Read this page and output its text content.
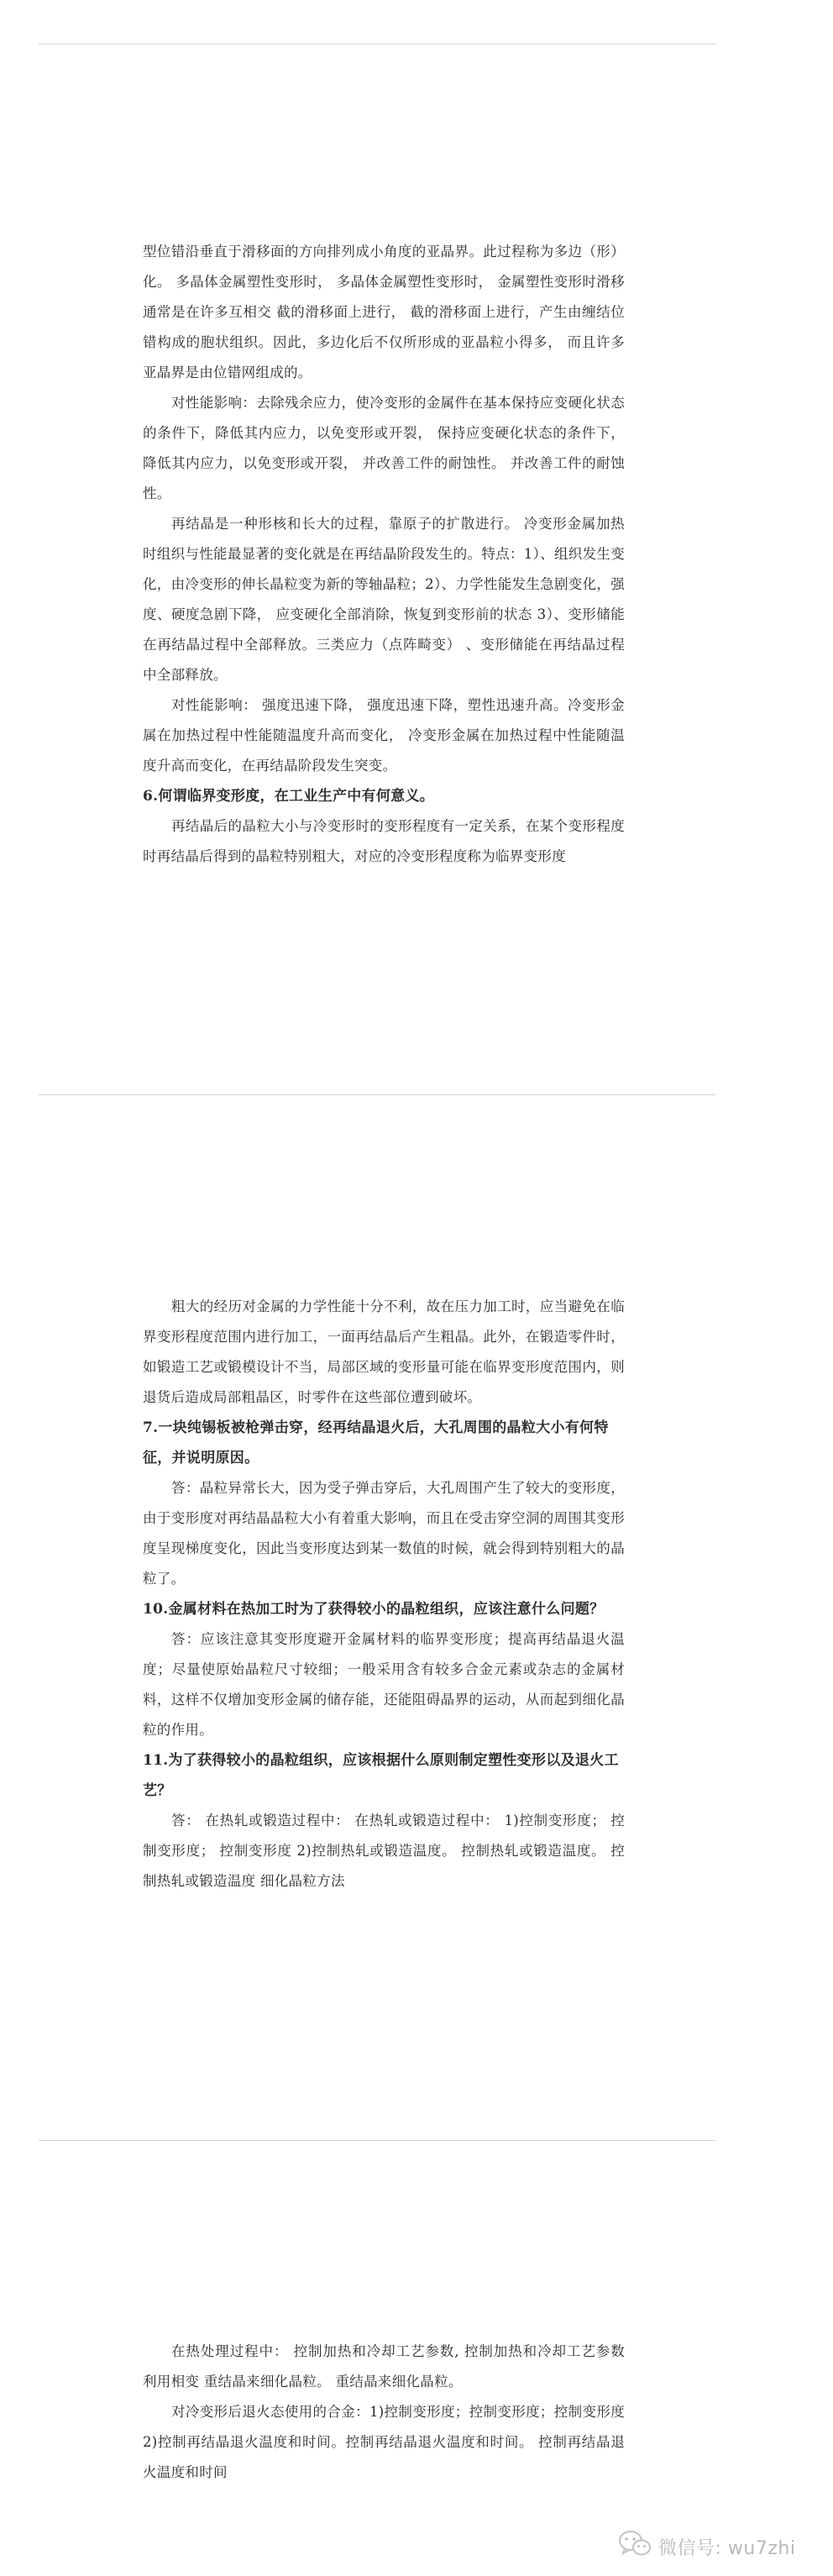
型位错沿垂直于滑移面的方向排列成小角度的亚晶界。此过程称为多边（形）化。 多晶体金属塑性变形时， 多晶体金属塑性变形时， 金属塑性变形时滑移通常是在许多互相交 截的滑移面上进行， 截的滑移面上进行，产生由缠结位错构成的胞状组织。因此，多边化后不仅所形成的亚晶粒小得多， 而且许多亚晶界是由位错网组成的。

对性能影响：去除残余应力，使冷变形的金属件在基本保持应变硬化状态的条件下，降低其内应力，以免变形或开裂， 保持应变硬化状态的条件下，降低其内应力，以免变形或开裂， 并改善工件的耐蚀性。 并改善工件的耐蚀性。

再结晶是一种形核和长大的过程，靠原子的扩散进行。 冷变形金属加热时组织与性能最显著的变化就是在再结晶阶段发生的。特点：1）、组织发生变化，由冷变形的伸长晶粒变为新的等轴晶粒；2）、力学性能发生急剧变化，强度、硬度急剧下降， 应变硬化全部消除，恢复到变形前的状态 3）、变形储能在再结晶过程中全部释放。三类应力（点阵畸变） 、变形储能在再结晶过程中全部释放。

对性能影响： 强度迅速下降， 强度迅速下降，塑性迅速升高。冷变形金属在加热过程中性能随温度升高而变化， 冷变形金属在加热过程中性能随温度升高而变化，在再结晶阶段发生突变。

6.何谓临界变形度，在工业生产中有何意义。

再结晶后的晶粒大小与冷变形时的变形程度有一定关系，在某个变形程度时再结晶后得到的晶粒特别粗大，对应的冷变形程度称为临界变形度

粗大的经历对金属的力学性能十分不利，故在压力加工时，应当避免在临界变形程度范围内进行加工，一面再结晶后产生粗晶。此外，在锻造零件时，如锻造工艺或锻模设计不当，局部区域的变形量可能在临界变形度范围内，则退货后造成局部粗晶区，时零件在这些部位遭到破坏。

7.一块纯锡板被枪弹击穿，经再结晶退火后，大孔周围的晶粒大小有何特征，并说明原因。

答：晶粒异常长大，因为受子弹击穿后，大孔周围产生了较大的变形度，由于变形度对再结晶晶粒大小有着重大影响，而且在受击穿空洞的周围其变形度呈现梯度变化，因此当变形度达到某一数值的时候，就会得到特别粗大的晶粒了。

10.金属材料在热加工时为了获得较小的晶粒组织，应该注意什么问题？

答：应该注意其变形度避开金属材料的临界变形度；提高再结晶退火温度；尽量使原始晶粒尺寸较细；一般采用含有较多合金元素或杂志的金属材料，这样不仅增加变形金属的储存能，还能阻碍晶界的运动，从而起到细化晶粒的作用。

11.为了获得较小的晶粒组织，应该根据什么原则制定塑性变形以及退火工艺？

答： 在热轧或锻造过程中： 在热轧或锻造过程中： 1)控制变形度； 控制变形度； 控制变形度 2)控制热轧或锻造温度。 控制热轧或锻造温度。 控制热轧或锻造温度 细化晶粒方法

在热处理过程中： 控制加热和冷却工艺参数, 控制加热和冷却工艺参数 利用相变 重结晶来细化晶粒。 重结晶来细化晶粒。

对冷变形后退火态使用的合金：1)控制变形度；控制变形度；控制变形度 2)控制再结晶退火温度和时间。控制再结晶退火温度和时间。 控制再结晶退火温度和时间

微信号: wu7zhi
